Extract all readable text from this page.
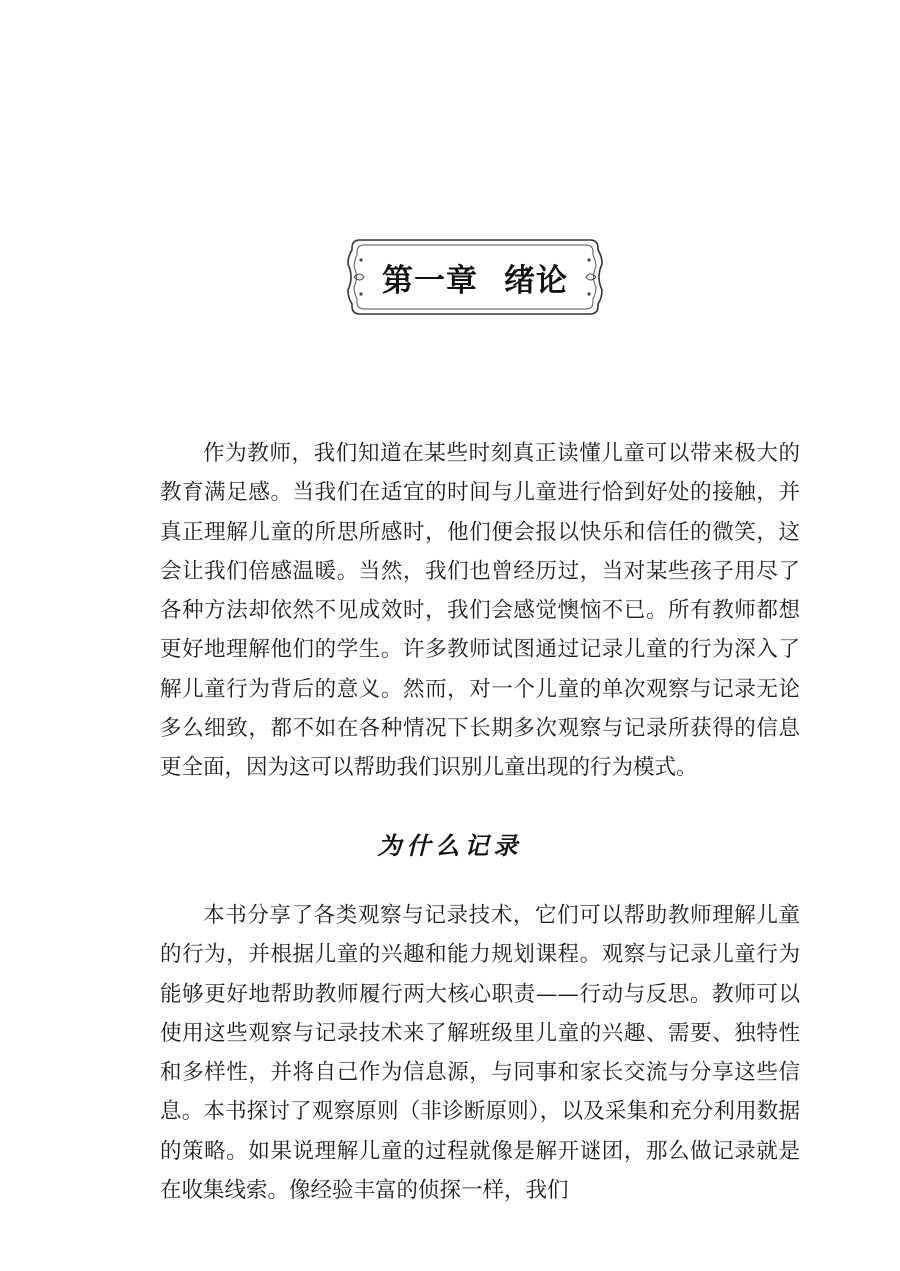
第一章 绪论

作为教师，我们知道在某些时刻真正读懂儿童可以带来极大的教育满足感。当我们在适宜的时间与儿童进行恰到好处的接触，并真正理解儿童的所思所感时，他们便会报以快乐和信任的微笑，这会让我们倍感温暖。当然，我们也曾经历过，当对某些孩子用尽了各种方法却依然不见成效时，我们会感觉懊恼不已。所有教师都想更好地理解他们的学生。许多教师试图通过记录儿童的行为深入了解儿童行为背后的意义。然而，对一个儿童的单次观察与记录无论多么细致，都不如在各种情况下长期多次观察与记录所获得的信息更全面，因为这可以帮助我们识别儿童出现的行为模式。

为什么记录

本书分享了各类观察与记录技术，它们可以帮助教师理解儿童的行为，并根据儿童的兴趣和能力规划课程。观察与记录儿童行为能够更好地帮助教师履行两大核心职责——行动与反思。教师可以使用这些观察与记录技术来了解班级里儿童的兴趣、需要、独特性和多样性，并将自己作为信息源，与同事和家长交流与分享这些信息。本书探讨了观察原则（非诊断原则），以及采集和充分利用数据的策略。如果说理解儿童的过程就像是解开谜团，那么做记录就是在收集线索。像经验丰富的侦探一样，我们
